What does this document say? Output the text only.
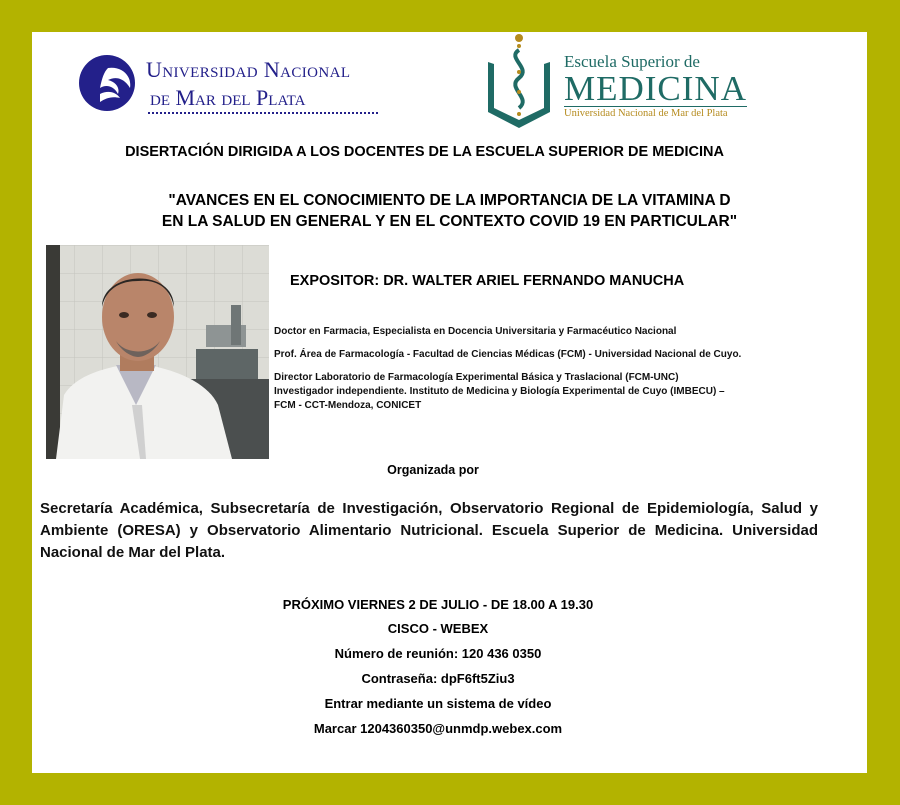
Universidad Nacional
de Mar del Plata
Escuela Superior de
MEDICINA
Universidad Nacional de Mar del Plata
DISERTACIÓN DIRIGIDA A LOS DOCENTES DE LA ESCUELA SUPERIOR DE MEDICINA
"AVANCES EN EL CONOCIMIENTO DE LA IMPORTANCIA DE LA VITAMINA D
EN LA SALUD EN GENERAL Y EN EL CONTEXTO COVID 19 EN PARTICULAR"
EXPOSITOR: DR. WALTER ARIEL FERNANDO MANUCHA
Doctor en Farmacia, Especialista en Docencia Universitaria y Farmacéutico Nacional
Prof. Área de Farmacología - Facultad de Ciencias Médicas (FCM) - Universidad Nacional de Cuyo.
Director Laboratorio de Farmacología Experimental Básica y Traslacional (FCM-UNC)
Investigador independiente. Instituto de Medicina y Biología Experimental de Cuyo (IMBECU) –
FCM - CCT-Mendoza, CONICET
Organizada por
Secretaría Académica, Subsecretaría de Investigación, Observatorio Regional de Epidemiología, Salud y Ambiente (ORESA) y Observatorio Alimentario Nutricional. Escuela Superior de Medicina. Universidad Nacional de Mar del Plata.
PRÓXIMO VIERNES 2 DE JULIO - DE 18.00 A 19.30
CISCO - WEBEX
Número de reunión: 120 436 0350
Contraseña: dpF6ft5Ziu3
Entrar mediante un sistema de vídeo
Marcar 1204360350@unmdp.webex.com
